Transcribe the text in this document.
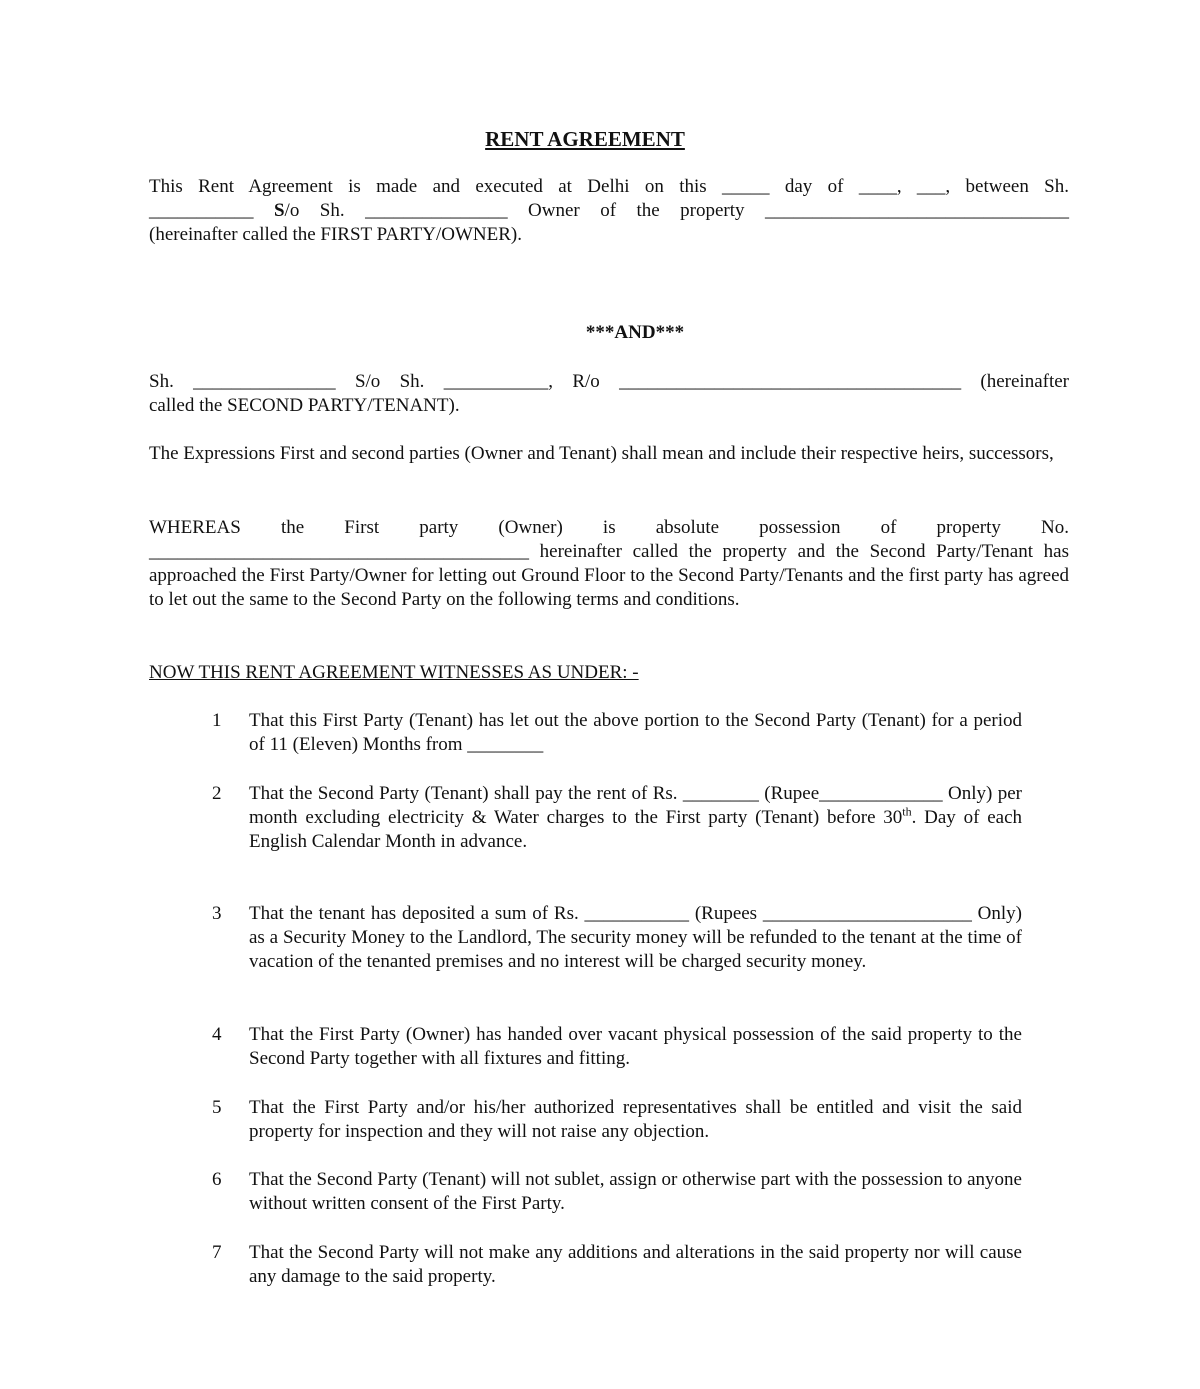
RENT AGREEMENT
This Rent Agreement is made and executed at Delhi on this _____ day of ____, ___, between Sh.
___________ S/o Sh. _______________ Owner of the property ________________________________
(hereinafter called the FIRST PARTY/OWNER).
***AND***
Sh. _______________ S/o Sh. ___________, R/o ____________________________________ (hereinafter
called the SECOND PARTY/TENANT).

The Expressions First and second parties (Owner and Tenant) shall mean and include their respective heirs, successors,

WHEREAS the First party (Owner) is absolute possession of property No.
________________________________________ hereinafter called the property and the Second Party/Tenant has approached the First Party/Owner for letting out Ground Floor to the Second Party/Tenants and the first party has agreed to let out the same to the Second Party on the following terms and conditions.

NOW THIS RENT AGREEMENT WITNESSES AS UNDER: -

1	That this First Party (Tenant) has let out the above portion to the Second Party (Tenant) for a period of 11 (Eleven) Months from ________
2	That the Second Party (Tenant) shall pay the rent of Rs. ________ (Rupee_____________ Only) per month excluding electricity & Water charges to the First party (Tenant) before 30th. Day of each English Calendar Month in advance.
3	That the tenant has deposited a sum of Rs. ___________ (Rupees ______________________ Only) as a Security Money to the Landlord, The security money will be refunded to the tenant at the time of vacation of the tenanted premises and no interest will be charged security money.
4	That the First Party (Owner) has handed over vacant physical possession of the said property to the Second Party together with all fixtures and fitting.
5	That the First Party and/or his/her authorized representatives shall be entitled and visit the said property for inspection and they will not raise any objection.
6	That the Second Party (Tenant) will not sublet, assign or otherwise part with the possession to anyone without written consent of the First Party.
7	That the Second Party will not make any additions and alterations in the said property nor will cause any damage to the said property.
